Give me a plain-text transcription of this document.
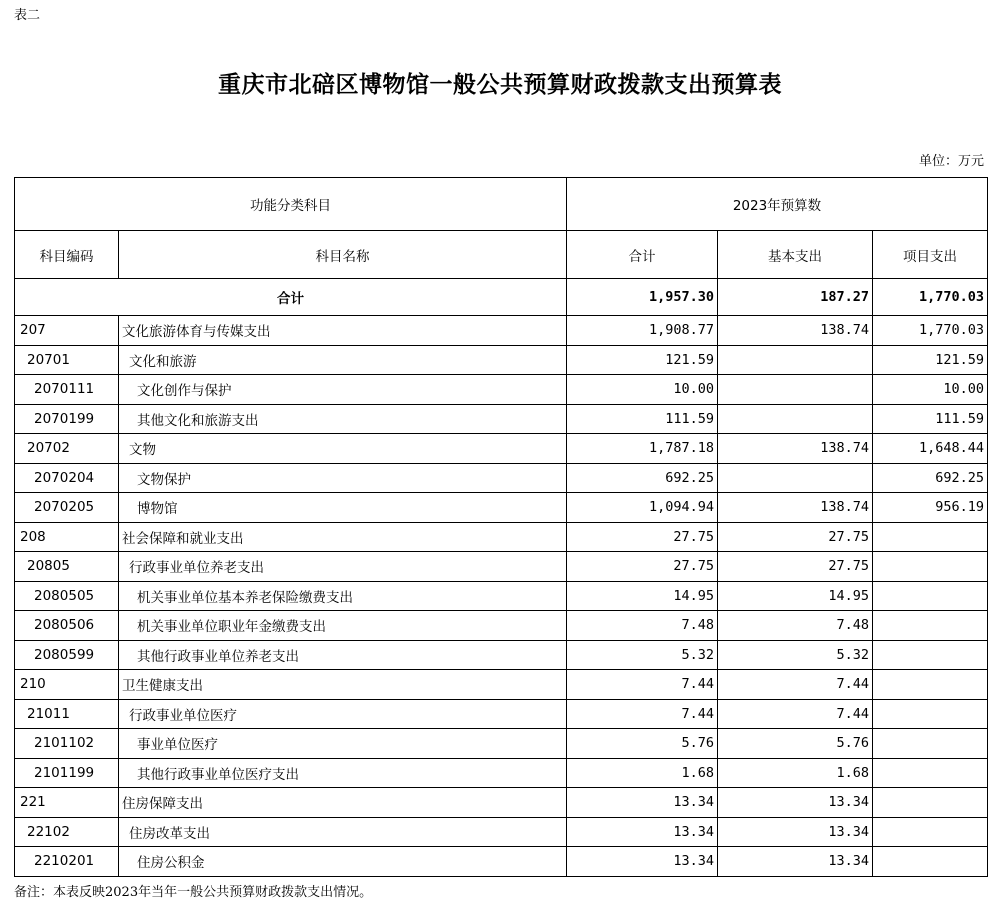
表二
重庆市北碚区博物馆一般公共预算财政拨款支出预算表
单位：万元
功能分类科目		2023年预算数		
科目编码	科目名称	合计	基本支出	项目支出
合计		1,957.30	187.27	1,770.03
207	文化旅游体育与传媒支出	1,908.77	138.74	1,770.03
20701	文化和旅游	121.59		121.59
2070111	文化创作与保护	10.00		10.00
2070199	其他文化和旅游支出	111.59		111.59
20702	文物	1,787.18	138.74	1,648.44
2070204	文物保护	692.25		692.25
2070205	博物馆	1,094.94	138.74	956.19
208	社会保障和就业支出	27.75	27.75	
20805	行政事业单位养老支出	27.75	27.75	
2080505	机关事业单位基本养老保险缴费支出	14.95	14.95	
2080506	机关事业单位职业年金缴费支出	7.48	7.48	
2080599	其他行政事业单位养老支出	5.32	5.32	
210	卫生健康支出	7.44	7.44	
21011	行政事业单位医疗	7.44	7.44	
2101102	事业单位医疗	5.76	5.76	
2101199	其他行政事业单位医疗支出	1.68	1.68	
221	住房保障支出	13.34	13.34	
22102	住房改革支出	13.34	13.34	
2210201	住房公积金	13.34	13.34	
备注：本表反映2023年当年一般公共预算财政拨款支出情况。
